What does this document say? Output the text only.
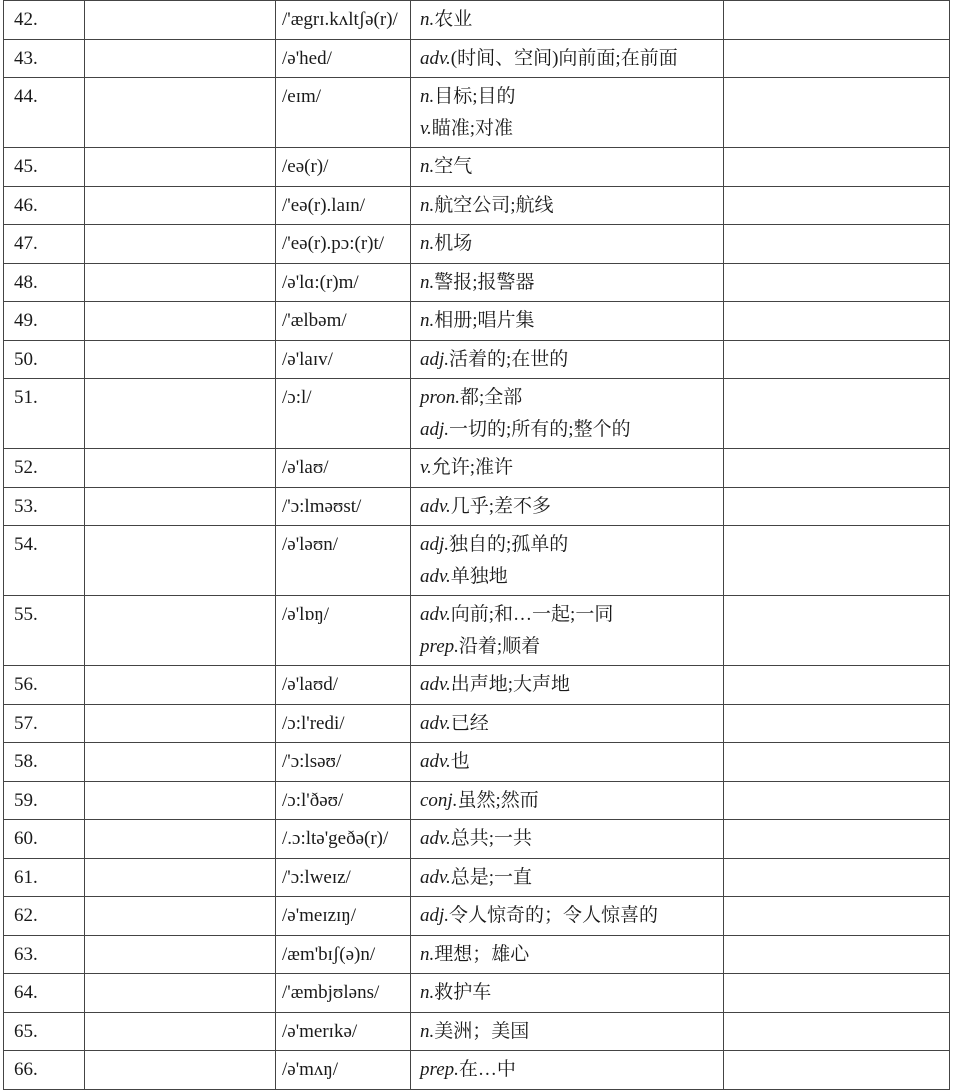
42.		/'ægrɪ.kʌltʃə(r)/	n.农业	

43.		/ə'hed/	adv.(时间、空间)向前面;在前面	

44.		/eɪm/	n.目标;目的
v.瞄准;对准	

45.		/eə(r)/	n.空气	

46.		/'eə(r).laɪn/	n.航空公司;航线	

47.		/'eə(r).pɔ:(r)t/	n.机场	

48.		/ə'lɑ:(r)m/	n.警报;报警器	

49.		/'ælbəm/	n.相册;唱片集	

50.		/ə'laɪv/	adj.活着的;在世的	

51.		/ɔ:l/	pron.都;全部
adj.一切的;所有的;整个的	

52.		/ə'laʊ/	v.允许;准许	

53.		/'ɔ:lməʊst/	adv.几乎;差不多	

54.		/ə'ləʊn/	adj.独自的;孤单的
adv.单独地	

55.		/ə'lɒŋ/	adv.向前;和…一起;一同
prep.沿着;顺着	

56.		/ə'laʊd/	adv.出声地;大声地	

57.		/ɔ:l'redi/	adv.已经	

58.		/'ɔ:lsəʊ/	adv.也	

59.		/ɔ:l'ðəʊ/	conj.虽然;然而	

60.		/.ɔ:ltə'geðə(r)/	adv.总共;一共	

61.		/'ɔ:lweɪz/	adv.总是;一直	

62.		/ə'meɪzɪŋ/	adj.令人惊奇的；令人惊喜的	

63.		/æm'bɪʃ(ə)n/	n.理想；雄心	

64.		/'æmbjʊləns/	n.救护车	

65.		/ə'merɪkə/	n.美洲；美国	

66.		/ə'mʌŋ/	prep.在…中	
